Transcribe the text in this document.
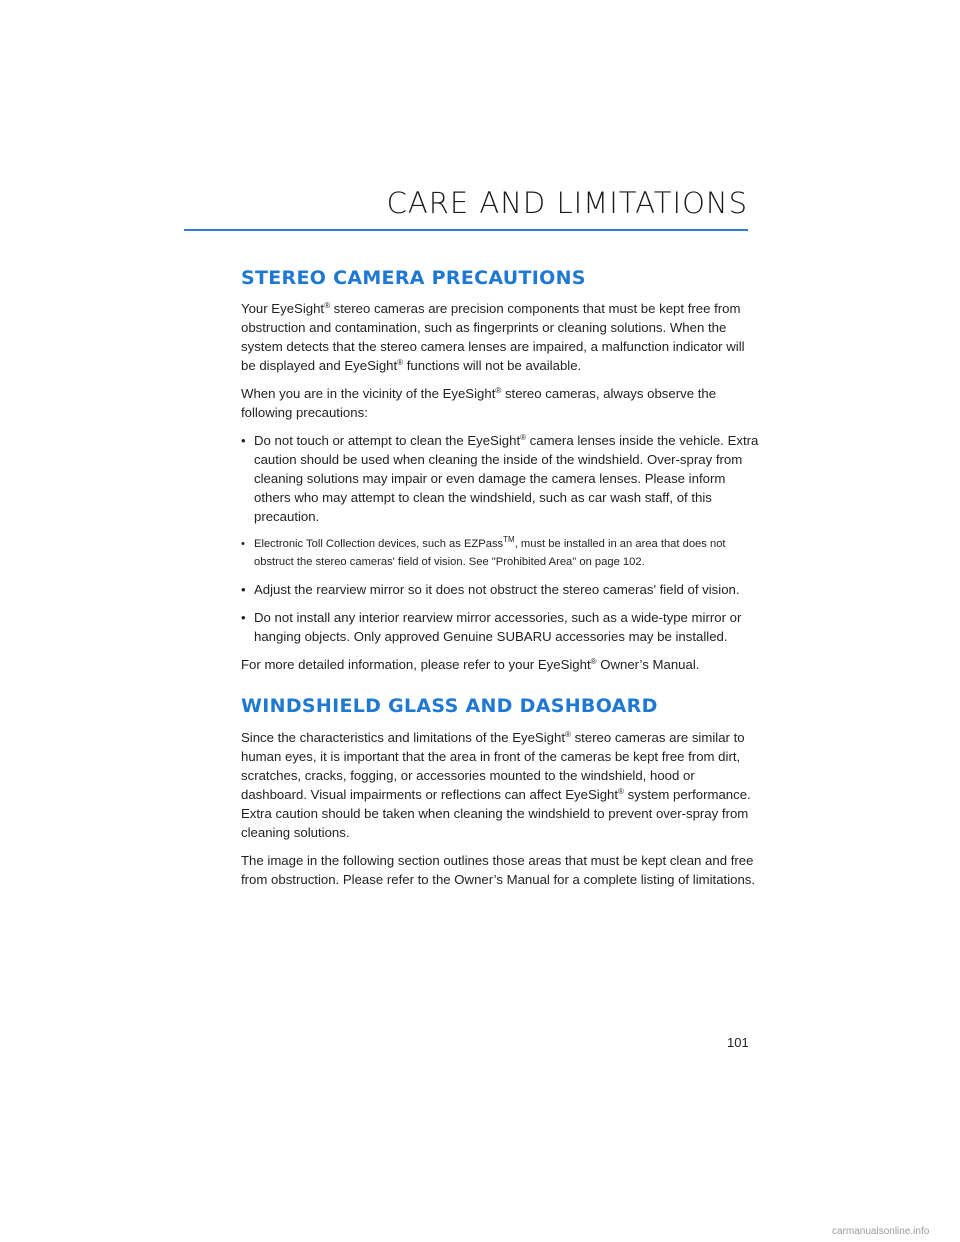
CARE AND LIMITATIONS
STEREO CAMERA PRECAUTIONS

Your EyeSight® stereo cameras are precision components that must be kept free from obstruction and contamination, such as fingerprints or cleaning solutions. When the system detects that the stereo camera lenses are impaired, a malfunction indicator will be displayed and EyeSight® functions will not be available.

When you are in the vicinity of the EyeSight® stereo cameras, always observe the following precautions:

• Do not touch or attempt to clean the EyeSight® camera lenses inside the vehicle. Extra caution should be used when cleaning the inside of the windshield. Over-spray from cleaning solutions may impair or even damage the camera lenses. Please inform others who may attempt to clean the windshield, such as car wash staff, of this precaution.
• Electronic Toll Collection devices, such as EZPass™, must be installed in an area that does not obstruct the stereo cameras' field of vision. See "Prohibited Area" on page 102.
• Adjust the rearview mirror so it does not obstruct the stereo cameras' field of vision.
• Do not install any interior rearview mirror accessories, such as a wide-type mirror or hanging objects. Only approved Genuine SUBARU accessories may be installed.

For more detailed information, please refer to your EyeSight® Owner’s Manual.

WINDSHIELD GLASS AND DASHBOARD

Since the characteristics and limitations of the EyeSight® stereo cameras are similar to human eyes, it is important that the area in front of the cameras be kept free from dirt, scratches, cracks, fogging, or accessories mounted to the windshield, hood or dashboard. Visual impairments or reflections can affect EyeSight® system performance. Extra caution should be taken when cleaning the windshield to prevent over-spray from cleaning solutions.

The image in the following section outlines those areas that must be kept clean and free from obstruction. Please refer to the Owner’s Manual for a complete listing of limitations.

101
carmanualsonline.info
